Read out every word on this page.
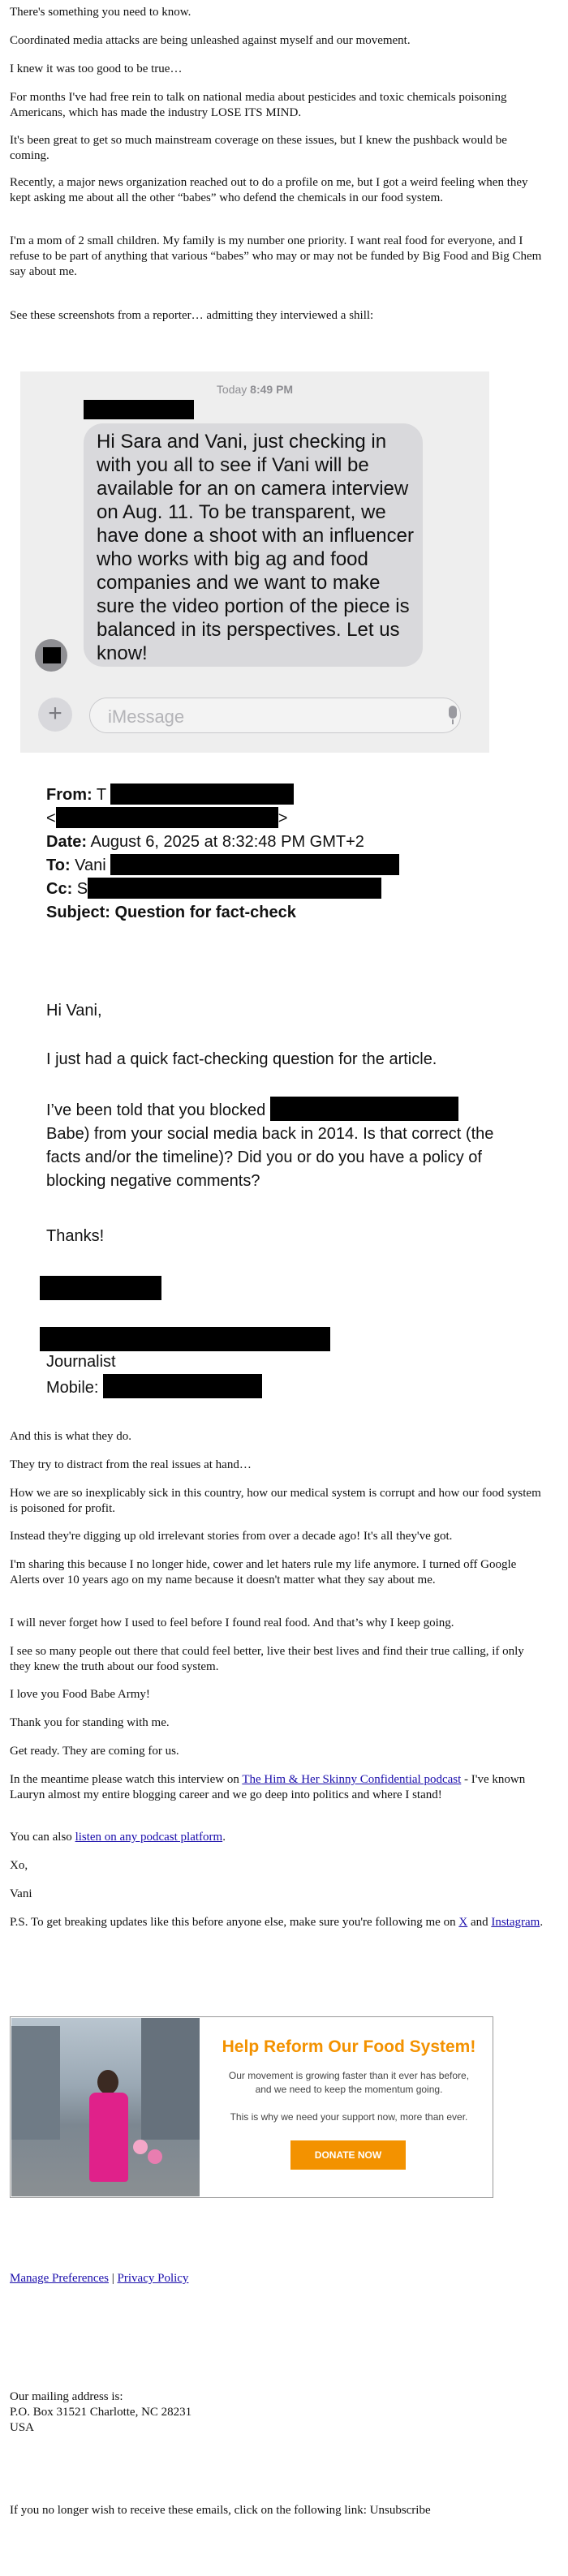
There's something you need to know.

Coordinated media attacks are being unleashed against myself and our movement.

I knew it was too good to be true…

For months I've had free rein to talk on national media about pesticides and toxic chemicals poisoning Americans, which has made the industry LOSE ITS MIND.

It's been great to get so much mainstream coverage on these issues, but I knew the pushback would be coming.

Recently, a major news organization reached out to do a profile on me, but I got a weird feeling when they kept asking me about all the other “babes” who defend the chemicals in our food system.

I'm a mom of 2 small children. My family is my number one priority. I want real food for everyone, and I refuse to be part of anything that various “babes” who may or may not be funded by Big Food and Big Chem say about me.

See these screenshots from a reporter… admitting they interviewed a shill:

Today 8:49 PM
Hi Sara and Vani, just checking in with you all to see if Vani will be available for an on camera interview on Aug. 11. To be transparent, we have done a shoot with an influencer who works with big ag and food companies and we want to make sure the video portion of the piece is balanced in its perspectives. Let us know!
+	iMessage
From: T
<	>
Date: August 6, 2025 at 8:32:48 PM GMT+2
To: Vani
Cc: S
Subject: Question for fact-check
Hi Vani,
I just had a quick fact-checking question for the article.
I’ve been told that you blocked  Babe) from your social media back in 2014. Is that correct (the facts and/or the timeline)? Did you or do you have a policy of blocking negative comments?
Thanks!
Journalist
Mobile:

And this is what they do.

They try to distract from the real issues at hand…

How we are so inexplicably sick in this country, how our medical system is corrupt and how our food system is poisoned for profit.

Instead they're digging up old irrelevant stories from over a decade ago! It's all they've got.

I'm sharing this because I no longer hide, cower and let haters rule my life anymore. I turned off Google Alerts over 10 years ago on my name because it doesn't matter what they say about me.

I will never forget how I used to feel before I found real food. And that’s why I keep going.

I see so many people out there that could feel better, live their best lives and find their true calling, if only they knew the truth about our food system.

I love you Food Babe Army!

Thank you for standing with me.

Get ready. They are coming for us.

In the meantime please watch this interview on The Him & Her Skinny Confidential podcast - I've known Lauryn almost my entire blogging career and we go deep into politics and where I stand!

You can also listen on any podcast platform.

Xo,

Vani

P.S. To get breaking updates like this before anyone else, make sure you're following me on X and Instagram.

Help Reform Our Food System!
Our movement is growing faster than it ever has before, and we need to keep the momentum going.
This is why we need your support now, more than ever.
DONATE NOW

Manage Preferences | Privacy Policy

Our mailing address is:
P.O. Box 31521 Charlotte, NC 28231
USA
If you no longer wish to receive these emails, click on the following link: Unsubscribe
